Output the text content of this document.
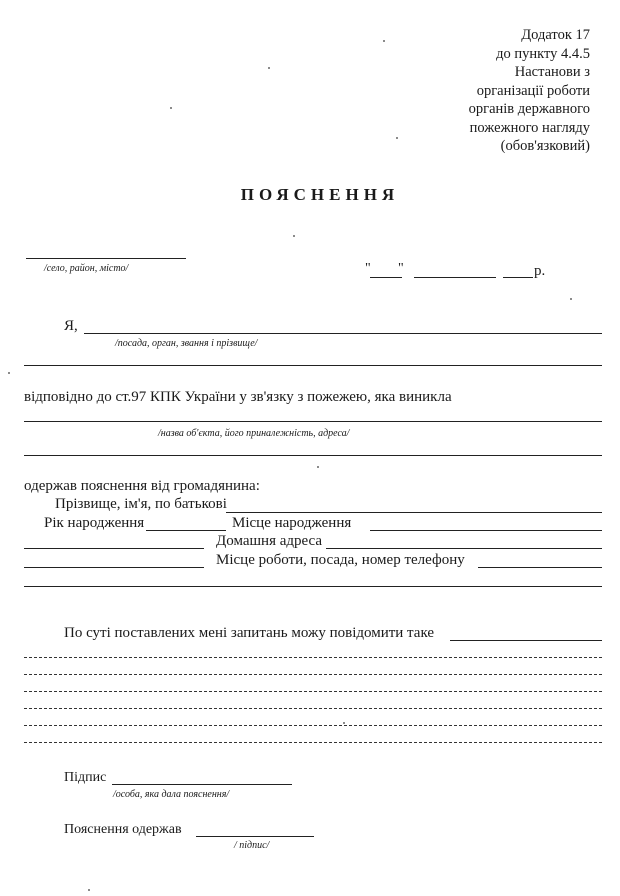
Додаток 17
до пункту 4.4.5
Настанови з
організації роботи
органів державного
пожежного нагляду
(обов'язковий)
ПОЯСНЕННЯ
/село, район, місто/	" "	р.
Я,
/посада, орган, звання і прізвище/
відповідно до ст.97 КПК України у зв'язку з пожежею, яка виникла
/назва об'єкта, його приналежність, адреса/
одержав пояснення від громадянина:
Прізвище, ім'я, по батькові
Рік народження	Місце народження
Домашня адреса
Місце роботи, посада, номер телефону
По суті поставлених мені запитань можу повідомити таке
Підпис
/особа, яка дала пояснення/
Пояснення одержав
/ підпис/
